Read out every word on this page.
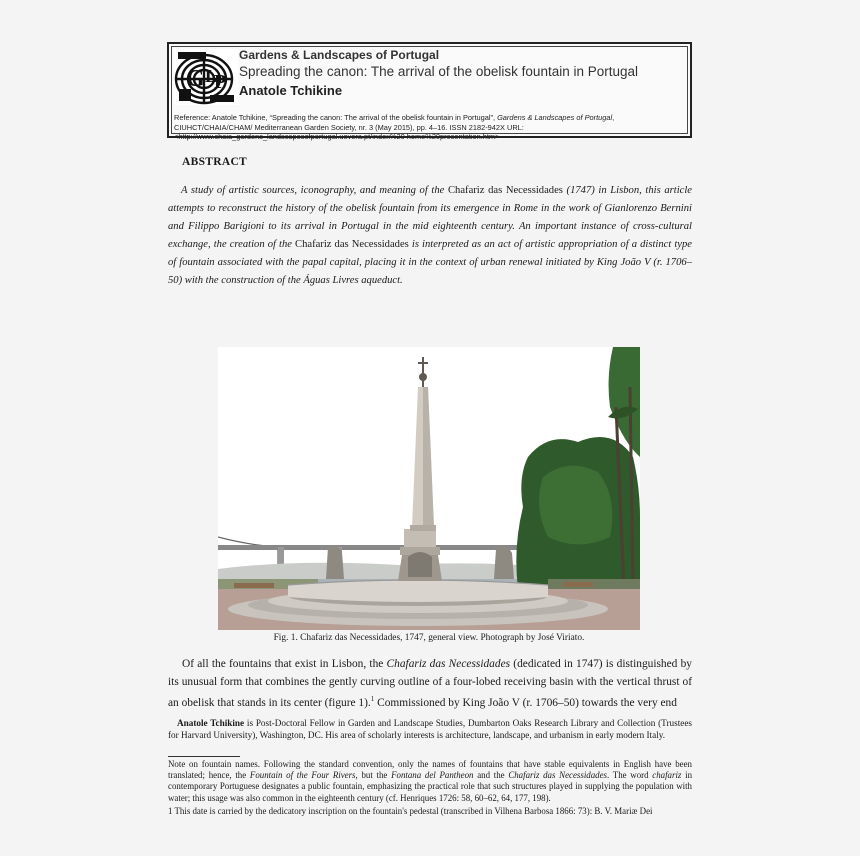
G L
P
Gardens & Landscapes of Portugal
Spreading the canon: The arrival of the obelisk fountain in Portugal
Anatole Tchikine
Reference: Anatole Tchikine, “Spreading the canon: The arrival of the obelisk fountain in Portugal”, Gardens & Landscapes of Portugal, CIUHCT/CHAIA/CHAM/ Mediterranean Garden Society, nr. 3 (May 2015), pp. 4–16. ISSN 2182-942X URL: <http://www.chaia_gardens_landscapesofportugal.uevora.pt/index%20 home%20presentation.htm>
ABSTRACT
A study of artistic sources, iconography, and meaning of the Chafariz das Necessidades (1747) in Lisbon, this article attempts to reconstruct the history of the obelisk fountain from its emergence in Rome in the work of Gianlorenzo Bernini and Filippo Barigioni to its arrival in Portugal in the mid eighteenth century. An important instance of cross-cultural exchange, the creation of the Chafariz das Necessidades is interpreted as an act of artistic appropriation of a distinct type of fountain associated with the papal capital, placing it in the context of urban renewal initiated by King João V (r. 1706–50) with the construction of the Águas Livres aqueduct.
Fig. 1. Chafariz das Necessidades, 1747, general view. Photograph by José Viriato.
Of all the fountains that exist in Lisbon, the Chafariz das Necessidades (dedicated in 1747) is distinguished by its unusual form that combines the gently curving outline of a four-lobed receiving basin with the vertical thrust of an obelisk that stands in its center (figure 1).$^1$ Commissioned by King João V (r. 1706–50) towards the very end
Anatole Tchikine is Post-Doctoral Fellow in Garden and Landscape Studies, Dumbarton Oaks Research Library and Collection (Trustees for Harvard University), Washington, DC. His area of scholarly interests is architecture, landscape, and urbanism in early modern Italy.
Note on fountain names. Following the standard convention, only the names of fountains that have stable equivalents in English have been translated; hence, the Fountain of the Four Rivers, but the Fontana del Pantheon and the Chafariz das Necessidades. The word chafariz in contemporary Portuguese designates a public fountain, emphasizing the practical role that such structures played in supplying the population with water; this usage was also common in the eighteenth century (cf. Henriques 1726: 58, 60–62, 64, 177, 198).
1 This date is carried by the dedicatory inscription on the fountain's pedestal (transcribed in Vilhena Barbosa 1866: 73): B. V. Mariæ Dei
